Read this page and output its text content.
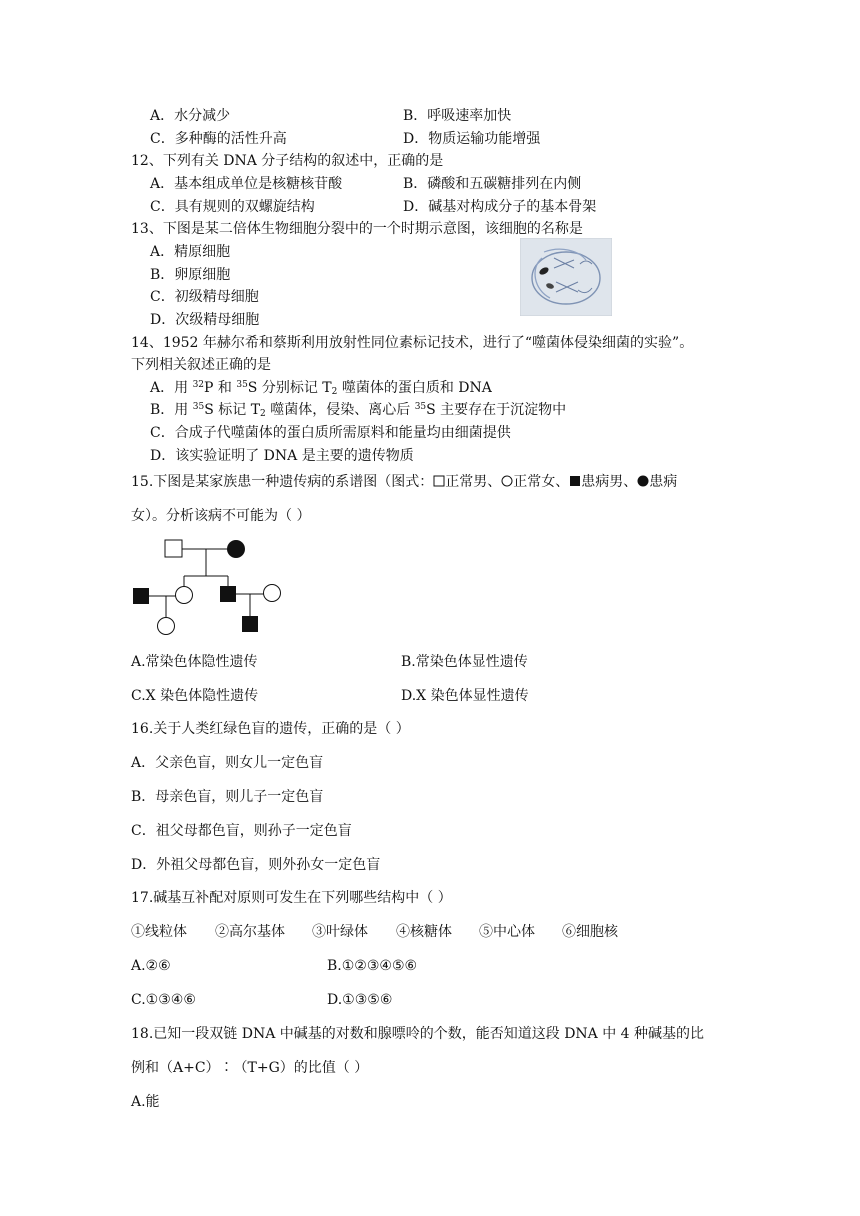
A．水分减少	B．呼吸速率加快
C．多种酶的活性升高	D．物质运输功能增强
12、下列有关 DNA 分子结构的叙述中，正确的是
A．基本组成单位是核糖核苷酸	B．磷酸和五碳糖排列在内侧
C．具有规则的双螺旋结构	D．碱基对构成分子的基本骨架
13、下图是某二倍体生物细胞分裂中的一个时期示意图，该细胞的名称是
A．精原细胞
B．卵原细胞
C．初级精母细胞
D．次级精母细胞
14、1952 年赫尔希和蔡斯利用放射性同位素标记技术，进行了“噬菌体侵染细菌的实验”。
下列相关叙述正确的是
A．用 $^{32}$P 和 $^{35}$S 分别标记 $T_2$ 噬菌体的蛋白质和 DNA
B．用 $^{35}$S 标记 $T_2$ 噬菌体，侵染、离心后 $^{35}$S 主要存在于沉淀物中
C．合成子代噬菌体的蛋白质所需原料和能量均由细菌提供
D．该实验证明了 DNA 是主要的遗传物质
15.下图是某家族患一种遗传病的系谱图（图式： 正常男、 正常女、 患病男、 患病
女）。分析该病不可能为（ ）
A.常染色体隐性遗传	B.常染色体显性遗传
C.X 染色体隐性遗传	D.X 染色体显性遗传
16.关于人类红绿色盲的遗传，正确的是（ ）
A．父亲色盲，则女儿一定色盲
B．母亲色盲，则儿子一定色盲
C．祖父母都色盲，则孙子一定色盲
D．外祖父母都色盲，则外孙女一定色盲
17.碱基互补配对原则可发生在下列哪些结构中（ ）
①线粒体 ②高尔基体 ③叶绿体 ④核糖体 ⑤中心体 ⑥细胞核
A.②⑥	B.①②③④⑤⑥
C.①③④⑥	D.①③⑤⑥
18.已知一段双链 DNA 中碱基的对数和腺嘌呤的个数，能否知道这段 DNA 中 4 种碱基的比
例和（A+C）∶（T+G）的比值（ ）
A.能
